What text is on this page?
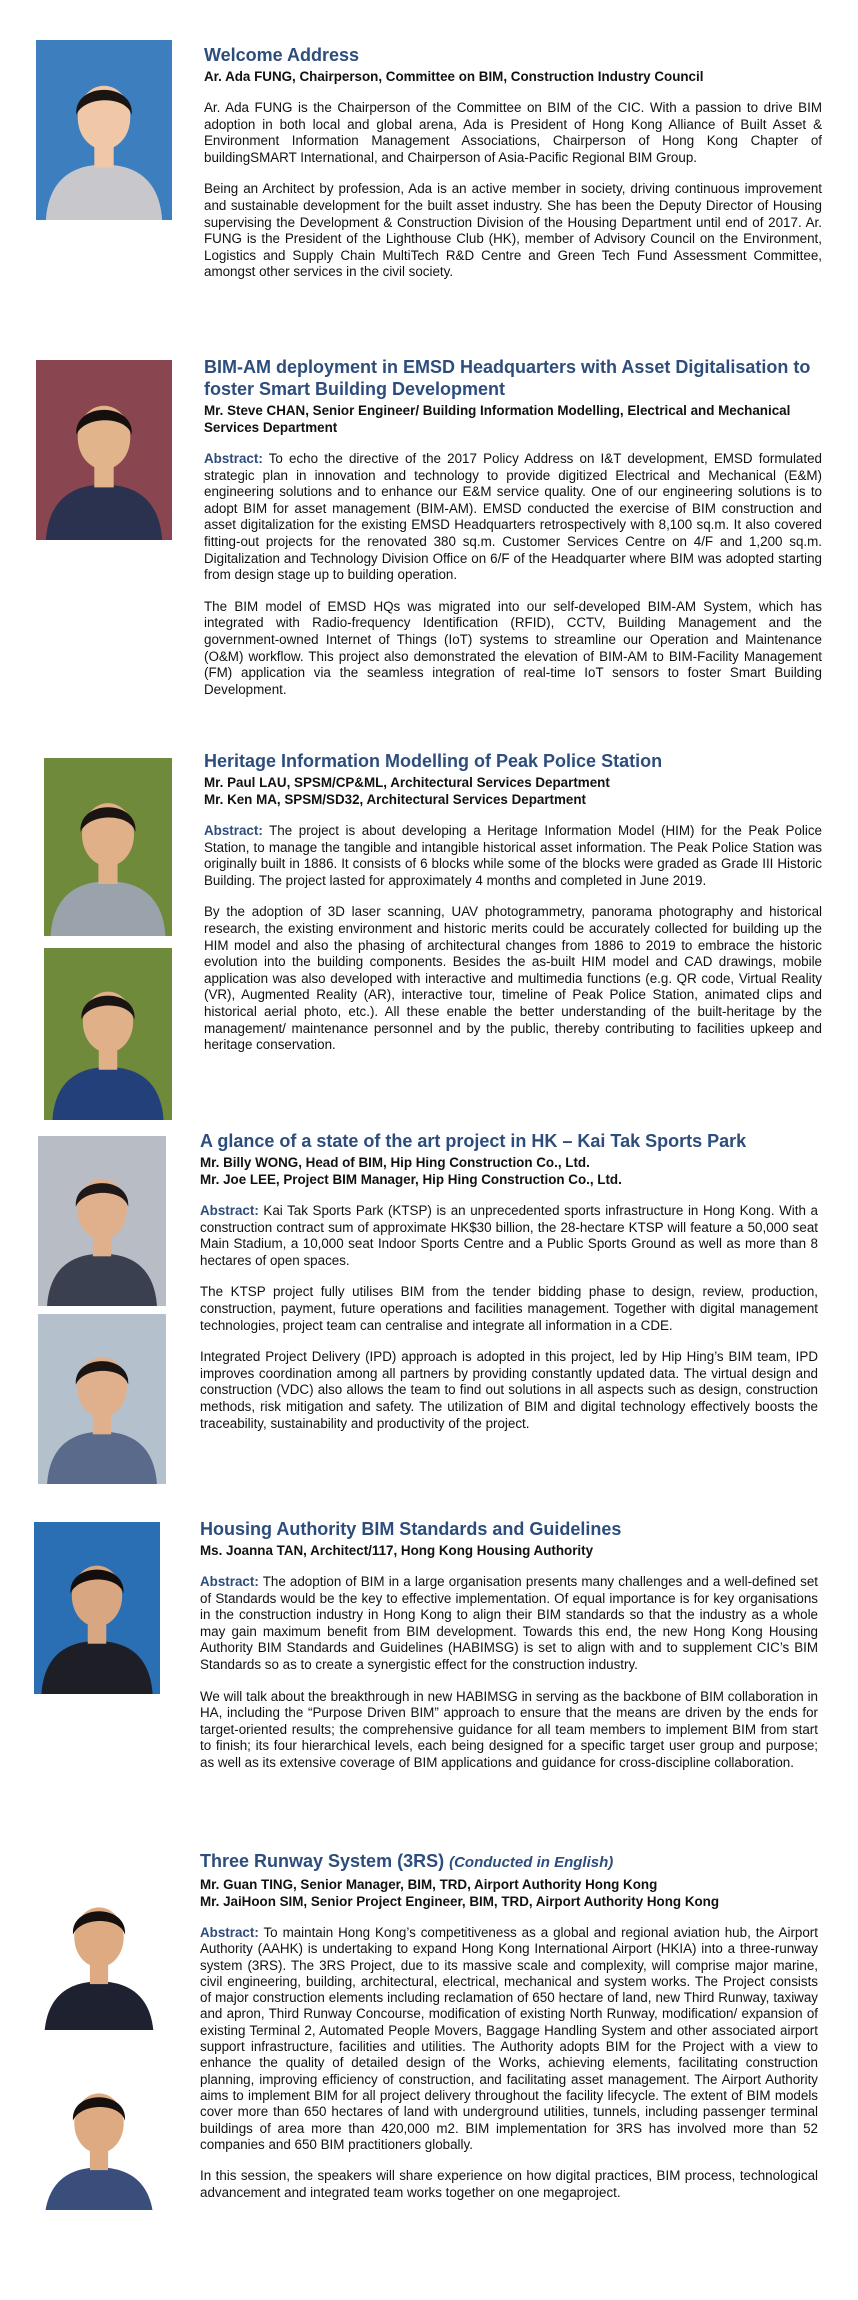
Welcome Address

Ar. Ada FUNG, Chairperson, Committee on BIM, Construction Industry Council

Ar. Ada FUNG is the Chairperson of the Committee on BIM of the CIC. With a passion to drive BIM adoption in both local and global arena, Ada is President of Hong Kong Alliance of Built Asset & Environment Information Management Associations, Chairperson of Hong Kong Chapter of buildingSMART International, and Chairperson of Asia-Pacific Regional BIM Group.

Being an Architect by profession, Ada is an active member in society, driving continuous improvement and sustainable development for the built asset industry. She has been the Deputy Director of Housing supervising the Development & Construction Division of the Housing Department until end of 2017. Ar. FUNG is the President of the Lighthouse Club (HK), member of Advisory Council on the Environment, Logistics and Supply Chain MultiTech R&D Centre and Green Tech Fund Assessment Committee, amongst other services in the civil society.

BIM-AM deployment in EMSD Headquarters with Asset Digitalisation to foster Smart Building Development

Mr. Steve CHAN, Senior Engineer/ Building Information Modelling, Electrical and Mechanical Services Department

Abstract: To echo the directive of the 2017 Policy Address on I&T development, EMSD formulated strategic plan in innovation and technology to provide digitized Electrical and Mechanical (E&M) engineering solutions and to enhance our E&M service quality. One of our engineering solutions is to adopt BIM for asset management (BIM-AM). EMSD conducted the exercise of BIM construction and asset digitalization for the existing EMSD Headquarters retrospectively with 8,100 sq.m. It also covered fitting-out projects for the renovated 380 sq.m. Customer Services Centre on 4/F and 1,200 sq.m. Digitalization and Technology Division Office on 6/F of the Headquarter where BIM was adopted starting from design stage up to building operation.

The BIM model of EMSD HQs was migrated into our self-developed BIM-AM System, which has integrated with Radio-frequency Identification (RFID), CCTV, Building Management and the government-owned Internet of Things (IoT) systems to streamline our Operation and Maintenance (O&M) workflow. This project also demonstrated the elevation of BIM-AM to BIM-Facility Management (FM) application via the seamless integration of real-time IoT sensors to foster Smart Building Development.

Heritage Information Modelling of Peak Police Station

Mr. Paul LAU, SPSM/CP&ML, Architectural Services Department

Mr. Ken MA, SPSM/SD32, Architectural Services Department

Abstract: The project is about developing a Heritage Information Model (HIM) for the Peak Police Station, to manage the tangible and intangible historical asset information. The Peak Police Station was originally built in 1886. It consists of 6 blocks while some of the blocks were graded as Grade III Historic Building. The project lasted for approximately 4 months and completed in June 2019.

By the adoption of 3D laser scanning, UAV photogrammetry, panorama photography and historical research, the existing environment and historic merits could be accurately collected for building up the HIM model and also the phasing of architectural changes from 1886 to 2019 to embrace the historic evolution into the building components. Besides the as-built HIM model and CAD drawings, mobile application was also developed with interactive and multimedia functions (e.g. QR code, Virtual Reality (VR), Augmented Reality (AR), interactive tour, timeline of Peak Police Station, animated clips and historical aerial photo, etc.). All these enable the better understanding of the built-heritage by the management/ maintenance personnel and by the public, thereby contributing to facilities upkeep and heritage conservation.

A glance of a state of the art project in HK – Kai Tak Sports Park

Mr. Billy WONG, Head of BIM, Hip Hing Construction Co., Ltd.

Mr. Joe LEE, Project BIM Manager, Hip Hing Construction Co., Ltd.

Abstract: Kai Tak Sports Park (KTSP) is an unprecedented sports infrastructure in Hong Kong. With a construction contract sum of approximate HK$30 billion, the 28-hectare KTSP will feature a 50,000 seat Main Stadium, a 10,000 seat Indoor Sports Centre and a Public Sports Ground as well as more than 8 hectares of open spaces.

The KTSP project fully utilises BIM from the tender bidding phase to design, review, production, construction, payment, future operations and facilities management. Together with digital management technologies, project team can centralise and integrate all information in a CDE.

Integrated Project Delivery (IPD) approach is adopted in this project, led by Hip Hing’s BIM team, IPD improves coordination among all partners by providing constantly updated data. The virtual design and construction (VDC) also allows the team to find out solutions in all aspects such as design, construction methods, risk mitigation and safety. The utilization of BIM and digital technology effectively boosts the traceability, sustainability and productivity of the project.

Housing Authority BIM Standards and Guidelines

Ms. Joanna TAN, Architect/117, Hong Kong Housing Authority

Abstract: The adoption of BIM in a large organisation presents many challenges and a well-defined set of Standards would be the key to effective implementation. Of equal importance is for key organisations in the construction industry in Hong Kong to align their BIM standards so that the industry as a whole may gain maximum benefit from BIM development. Towards this end, the new Hong Kong Housing Authority BIM Standards and Guidelines (HABIMSG) is set to align with and to supplement CIC’s BIM Standards so as to create a synergistic effect for the construction industry.

We will talk about the breakthrough in new HABIMSG in serving as the backbone of BIM collaboration in HA, including the “Purpose Driven BIM” approach to ensure that the means are driven by the ends for target-oriented results; the comprehensive guidance for all team members to implement BIM from start to finish; its four hierarchical levels, each being designed for a specific target user group and purpose; as well as its extensive coverage of BIM applications and guidance for cross-discipline collaboration.

Three Runway System (3RS) (Conducted in English)

Mr. Guan TING, Senior Manager, BIM, TRD, Airport Authority Hong Kong

Mr. JaiHoon SIM, Senior Project Engineer, BIM, TRD, Airport Authority Hong Kong

Abstract: To maintain Hong Kong’s competitiveness as a global and regional aviation hub, the Airport Authority (AAHK) is undertaking to expand Hong Kong International Airport (HKIA) into a three-runway system (3RS). The 3RS Project, due to its massive scale and complexity, will comprise major marine, civil engineering, building, architectural, electrical, mechanical and system works. The Project consists of major construction elements including reclamation of 650 hectare of land, new Third Runway, taxiway and apron, Third Runway Concourse, modification of existing North Runway, modification/ expansion of existing Terminal 2, Automated People Movers, Baggage Handling System and other associated airport support infrastructure, facilities and utilities. The Authority adopts BIM for the Project with a view to enhance the quality of detailed design of the Works, achieving elements, facilitating construction planning, improving efficiency of construction, and facilitating asset management. The Airport Authority aims to implement BIM for all project delivery throughout the facility lifecycle. The extent of BIM models cover more than 650 hectares of land with underground utilities, tunnels, including passenger terminal buildings of area more than 420,000 m2. BIM implementation for 3RS has involved more than 52 companies and 650 BIM practitioners globally.

In this session, the speakers will share experience on how digital practices, BIM process, technological advancement and integrated team works together on one megaproject.
